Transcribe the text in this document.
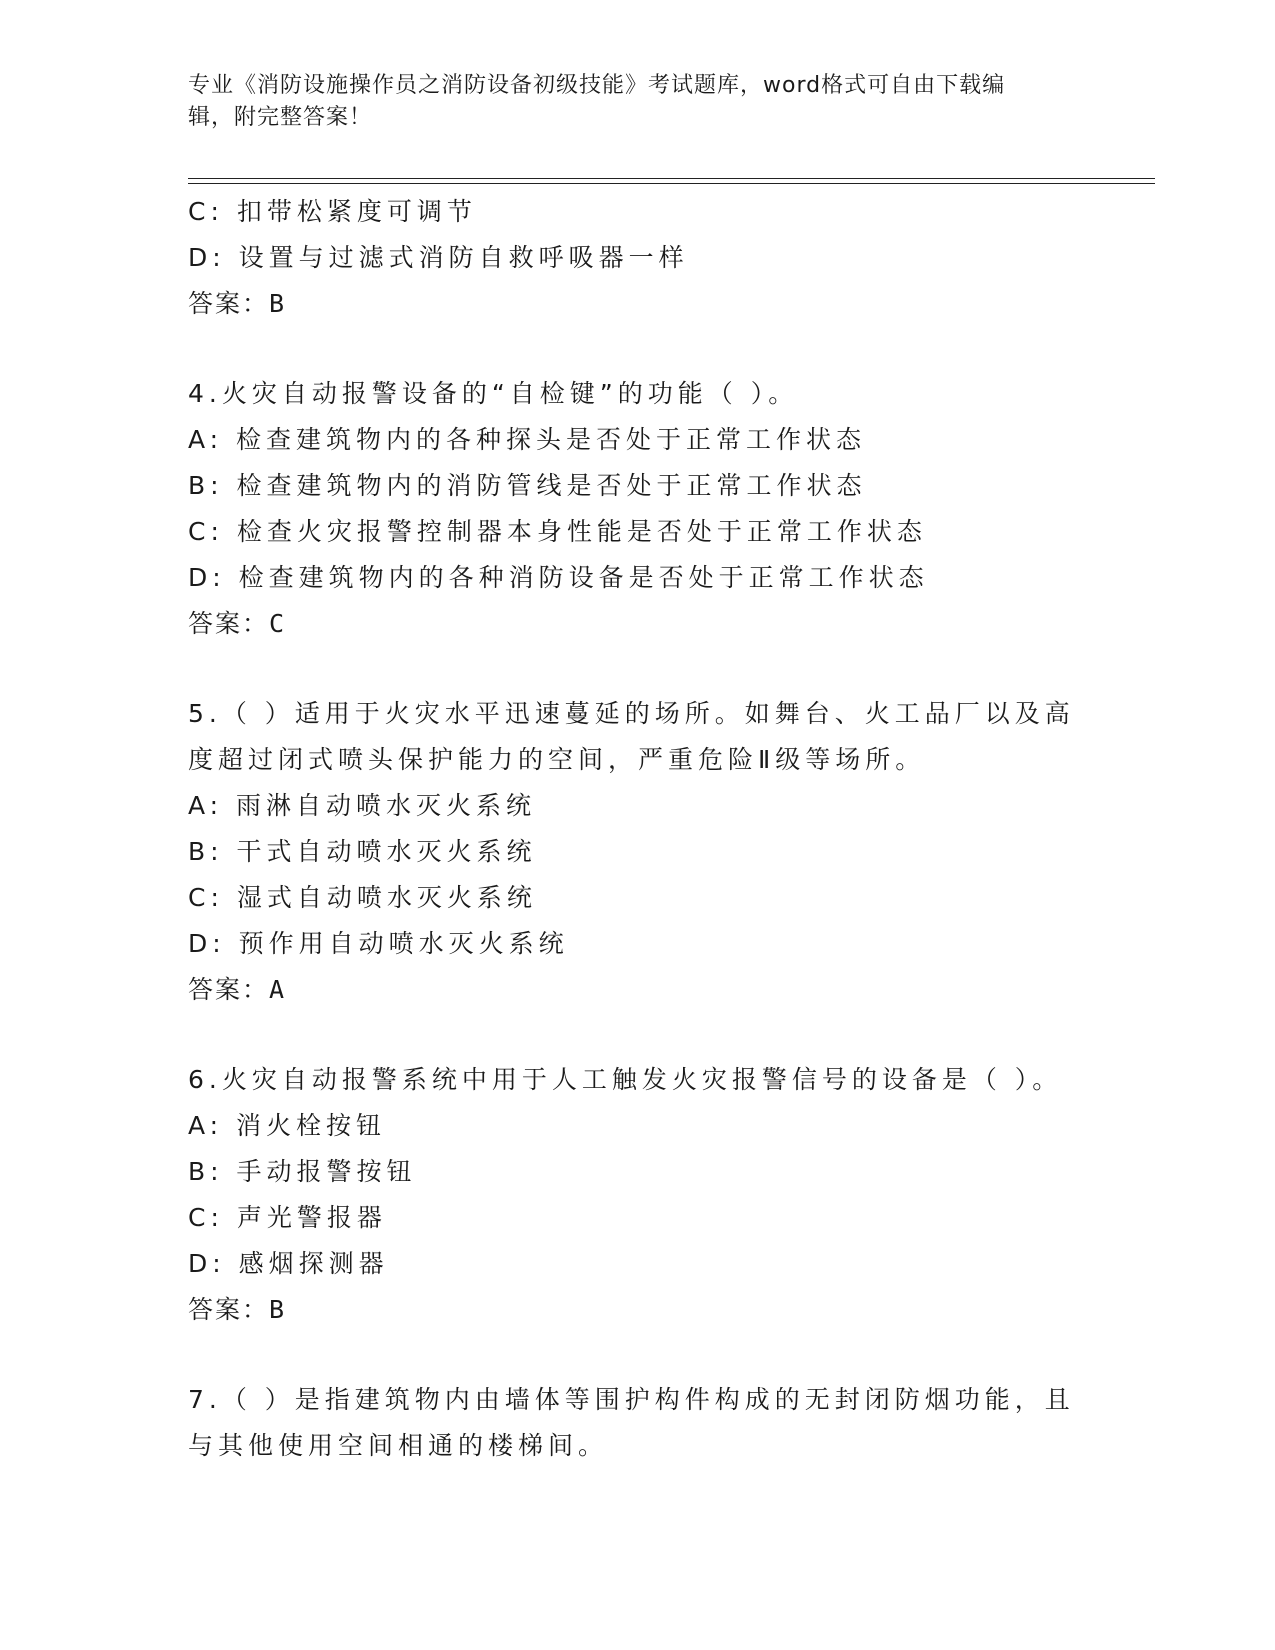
专业《消防设施操作员之消防设备初级技能》考试题库，word格式可自由下载编
辑，附完整答案！
C: 扣带松紧度可调节
D: 设置与过滤式消防自救呼吸器一样
答案：B
4.火灾自动报警设备的“自检键”的功能（ ）。
A: 检查建筑物内的各种探头是否处于正常工作状态
B: 检查建筑物内的消防管线是否处于正常工作状态
C: 检查火灾报警控制器本身性能是否处于正常工作状态
D: 检查建筑物内的各种消防设备是否处于正常工作状态
答案：C
5.（ ）适用于火灾水平迅速蔓延的场所。如舞台、火工品厂以及高
度超过闭式喷头保护能力的空间，严重危险Ⅱ级等场所。
A: 雨淋自动喷水灭火系统
B: 干式自动喷水灭火系统
C: 湿式自动喷水灭火系统
D: 预作用自动喷水灭火系统
答案：A
6.火灾自动报警系统中用于人工触发火灾报警信号的设备是（ ）。
A: 消火栓按钮
B: 手动报警按钮
C: 声光警报器
D: 感烟探测器
答案：B
7.（ ）是指建筑物内由墙体等围护构件构成的无封闭防烟功能，且
与其他使用空间相通的楼梯间。
